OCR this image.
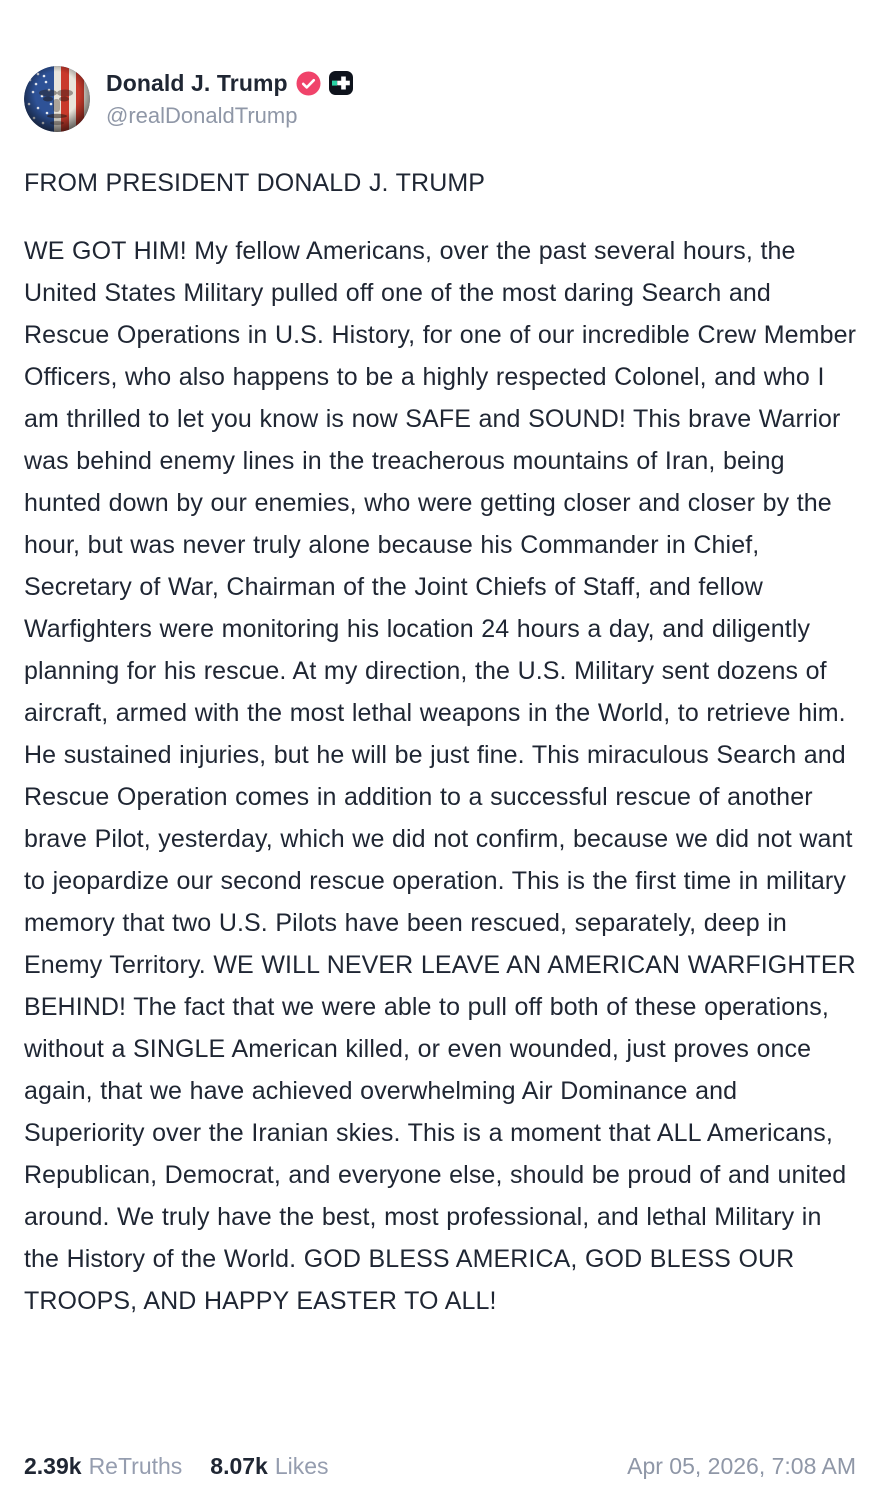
Donald J. Trump
@realDonaldTrump

FROM PRESIDENT DONALD J. TRUMP

WE GOT HIM! My fellow Americans, over the past several hours, the United States Military pulled off one of the most daring Search and Rescue Operations in U.S. History, for one of our incredible Crew Member Officers, who also happens to be a highly respected Colonel, and who I am thrilled to let you know is now SAFE and SOUND! This brave Warrior was behind enemy lines in the treacherous mountains of Iran, being hunted down by our enemies, who were getting closer and closer by the hour, but was never truly alone because his Commander in Chief, Secretary of War, Chairman of the Joint Chiefs of Staff, and fellow Warfighters were monitoring his location 24 hours a day, and diligently planning for his rescue. At my direction, the U.S. Military sent dozens of aircraft, armed with the most lethal weapons in the World, to retrieve him. He sustained injuries, but he will be just fine. This miraculous Search and Rescue Operation comes in addition to a successful rescue of another brave Pilot, yesterday, which we did not confirm, because we did not want to jeopardize our second rescue operation. This is the first time in military memory that two U.S. Pilots have been rescued, separately, deep in Enemy Territory. WE WILL NEVER LEAVE AN AMERICAN WARFIGHTER BEHIND! The fact that we were able to pull off both of these operations, without a SINGLE American killed, or even wounded, just proves once again, that we have achieved overwhelming Air Dominance and Superiority over the Iranian skies. This is a moment that ALL Americans, Republican, Democrat, and everyone else, should be proud of and united around. We truly have the best, most professional, and lethal Military in the History of the World. GOD BLESS AMERICA, GOD BLESS OUR TROOPS, AND HAPPY EASTER TO ALL!

2.39k ReTruths 8.07k Likes	Apr 05, 2026, 7:08 AM
